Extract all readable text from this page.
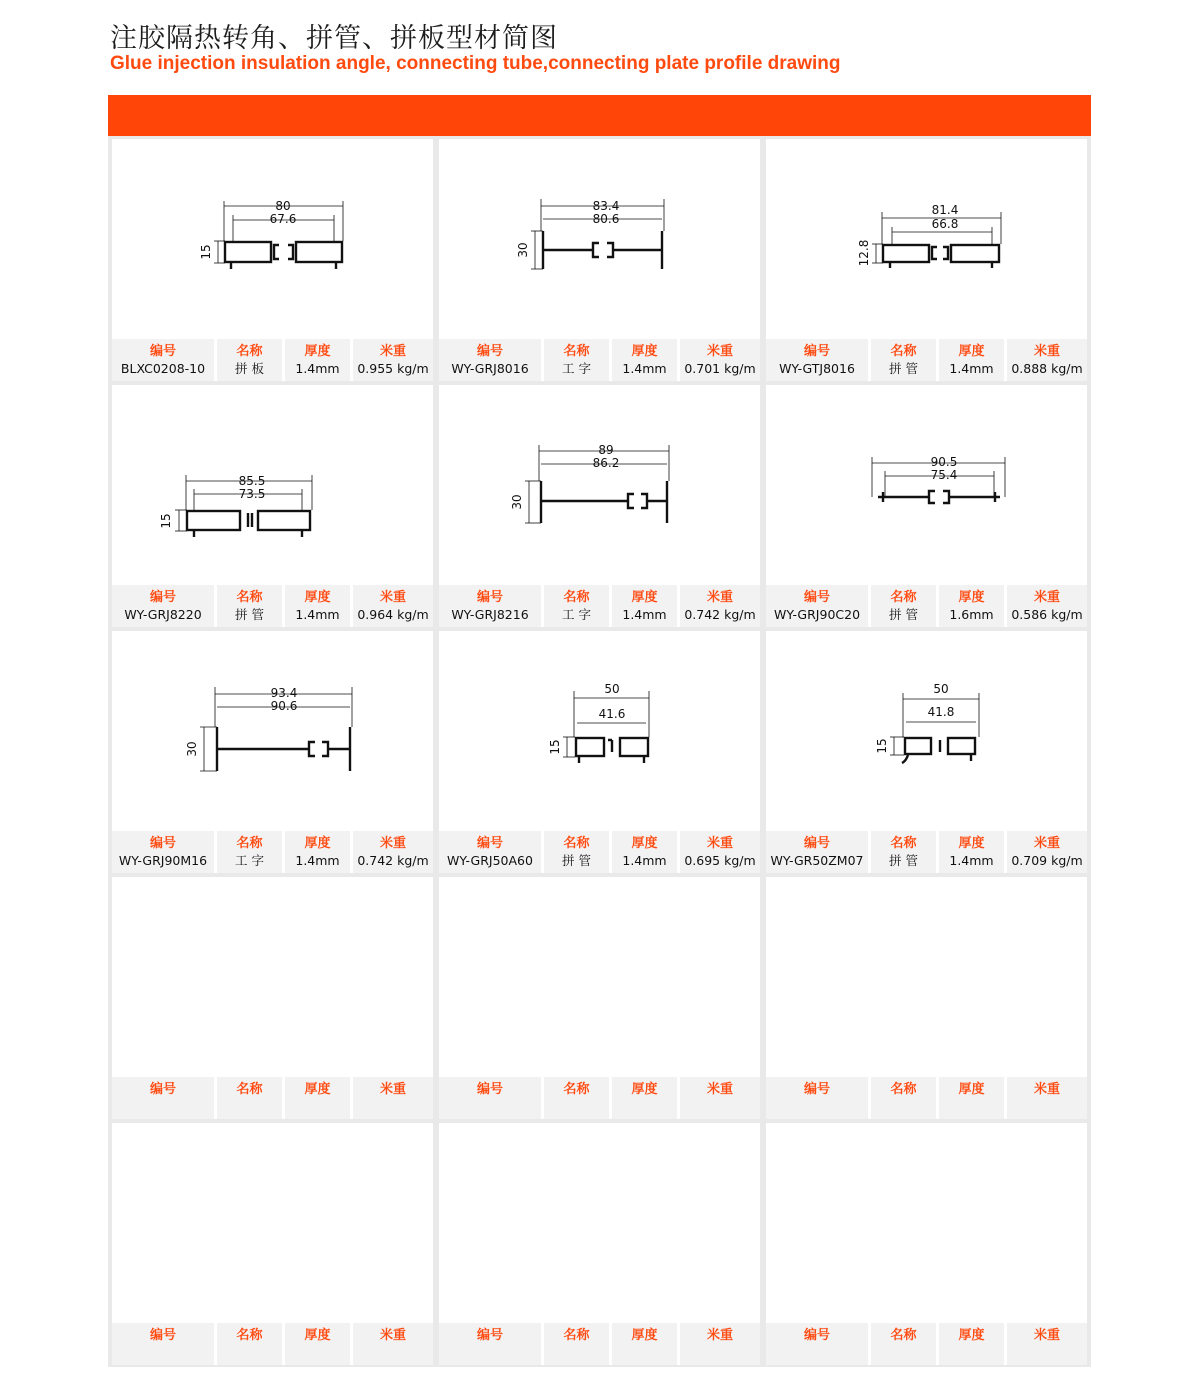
注胶隔热转角、拼管、拼板型材简图
Glue injection insulation angle, connecting tube,connecting plate profile drawing
80
67.6
15
编号
BLXC0208-10
名称
拼 板
厚度
1.4mm
米重
0.955 kg/m
83.4
80.6
30
编号
WY-GRJ8016
名称
工 字
厚度
1.4mm
米重
0.701 kg/m
81.4
66.8
12.8
编号
WY-GTJ8016
名称
拼 管
厚度
1.4mm
米重
0.888 kg/m
85.5
73.5
15
编号
WY-GRJ8220
名称
拼 管
厚度
1.4mm
米重
0.964 kg/m
89
86.2
30
编号
WY-GRJ8216
名称
工 字
厚度
1.4mm
米重
0.742 kg/m
90.5
75.4
编号
WY-GRJ90C20
名称
拼 管
厚度
1.6mm
米重
0.586 kg/m
93.4
90.6
30
编号
WY-GRJ90M16
名称
工 字
厚度
1.4mm
米重
0.742 kg/m
50
41.6
15
编号
WY-GRJ50A60
名称
拼 管
厚度
1.4mm
米重
0.695 kg/m
50
41.8
15
编号
WY-GR50ZM07
名称
拼 管
厚度
1.4mm
米重
0.709 kg/m
编号	名称	厚度	米重	编号	名称	厚度	米重	编号	名称	厚度	米重
编号	名称	厚度	米重	编号	名称	厚度	米重	编号	名称	厚度	米重
